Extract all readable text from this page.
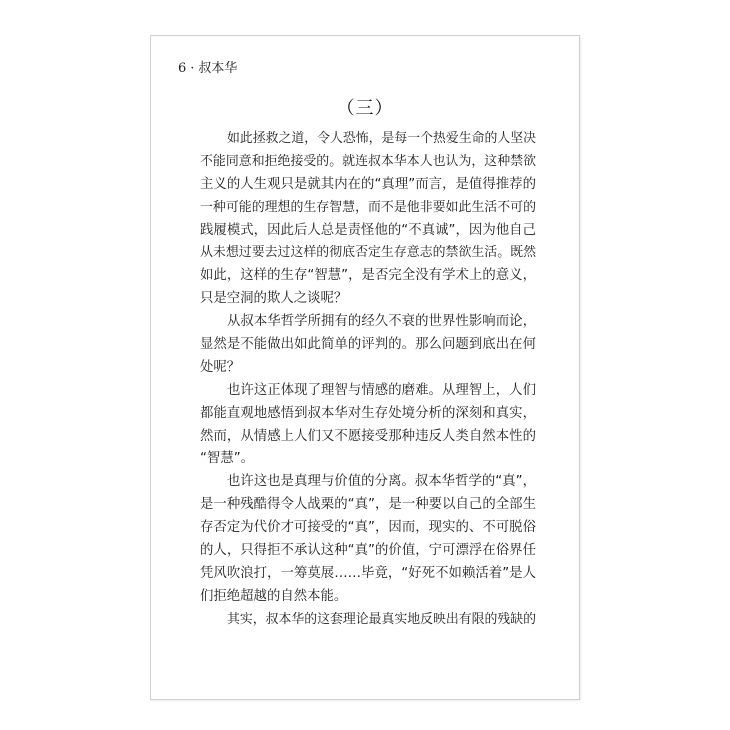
6 · 叔本华
（三）
如此拯救之道，令人恐怖，是每一个热爱生命的人坚决
不能同意和拒绝接受的。就连叔本华本人也认为，这种禁欲
主义的人生观只是就其内在的“真理”而言，是值得推荐的
一种可能的理想的生存智慧，而不是他非要如此生活不可的
践履模式，因此后人总是责怪他的“不真诚”，因为他自己
从未想过要去过这样的彻底否定生存意志的禁欲生活。既然
如此，这样的生存“智慧”，是否完全没有学术上的意义，
只是空洞的欺人之谈呢？
从叔本华哲学所拥有的经久不衰的世界性影响而论，
显然是不能做出如此简单的评判的。那么问题到底出在何
处呢？
也许这正体现了理智与情感的磨难。从理智上，人们
都能直观地感悟到叔本华对生存处境分析的深刻和真实，
然而，从情感上人们又不愿接受那种违反人类自然本性的
“智慧”。
也许这也是真理与价值的分离。叔本华哲学的“真”，
是一种残酷得令人战栗的“真”，是一种要以自己的全部生
存否定为代价才可接受的“真”，因而，现实的、不可脱俗
的人，只得拒不承认这种“真”的价值，宁可漂浮在俗界任
凭风吹浪打，一筹莫展……毕竟，“好死不如赖活着”是人
们拒绝超越的自然本能。
其实，叔本华的这套理论最真实地反映出有限的残缺的
